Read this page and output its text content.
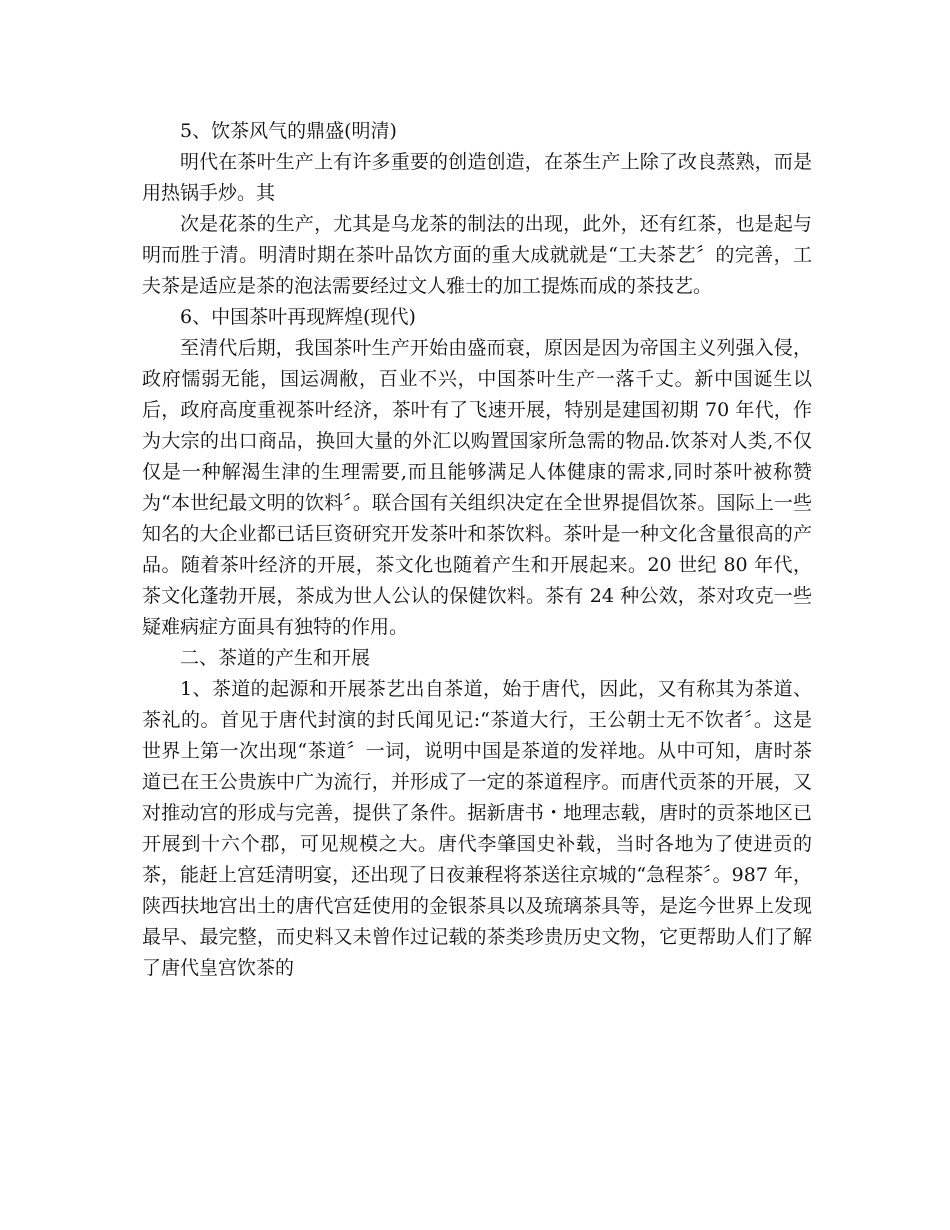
5、饮茶风气的鼎盛(明清)

明代在茶叶生产上有许多重要的创造创造，在茶生产上除了改良蒸熟，而是用热锅手炒。其

次是花茶的生产，尤其是乌龙茶的制法的出现，此外，还有红茶，也是起与明而胜于清。明清时期在茶叶品饮方面的重大成就就是“工夫茶艺〞的完善，工夫茶是适应是茶的泡法需要经过文人雅士的加工提炼而成的茶技艺。

6、中国茶叶再现辉煌(现代)

至清代后期，我国茶叶生产开始由盛而衰，原因是因为帝国主义列强入侵，政府懦弱无能，国运凋敝，百业不兴，中国茶叶生产一落千丈。新中国诞生以后，政府高度重视茶叶经济，茶叶有了飞速开展，特别是建国初期 70 年代，作为大宗的出口商品，换回大量的外汇以购置国家所急需的物品.饮茶对人类,不仅仅是一种解渴生津的生理需要,而且能够满足人体健康的需求,同时茶叶被称赞为“本世纪最文明的饮料〞。联合国有关组织决定在全世界提倡饮茶。国际上一些知名的大企业都已话巨资研究开发茶叶和茶饮料。茶叶是一种文化含量很高的产品。随着茶叶经济的开展，茶文化也随着产生和开展起来。20 世纪 80 年代，茶文化蓬勃开展，茶成为世人公认的保健饮料。茶有 24 种公效，茶对攻克一些疑难病症方面具有独特的作用。

二、茶道的产生和开展

1、茶道的起源和开展茶艺出自茶道，始于唐代，因此，又有称其为茶道、茶礼的。首见于唐代封演的封氏闻见记:“茶道大行，王公朝士无不饮者〞。这是世界上第一次出现“茶道〞一词，说明中国是茶道的发祥地。从中可知，唐时茶道已在王公贵族中广为流行，并形成了一定的茶道程序。而唐代贡茶的开展，又对推动宫的形成与完善，提供了条件。据新唐书・地理志载，唐时的贡茶地区已开展到十六个郡，可见规模之大。唐代李肇国史补载，当时各地为了使进贡的茶，能赶上宫廷清明宴，还出现了日夜兼程将茶送往京城的“急程茶〞。987 年，陕西扶地宫出土的唐代宫廷使用的金银茶具以及琉璃茶具等，是迄今世界上发现最早、最完整，而史料又未曾作过记载的茶类珍贵历史文物，它更帮助人们了解了唐代皇宫饮茶的
